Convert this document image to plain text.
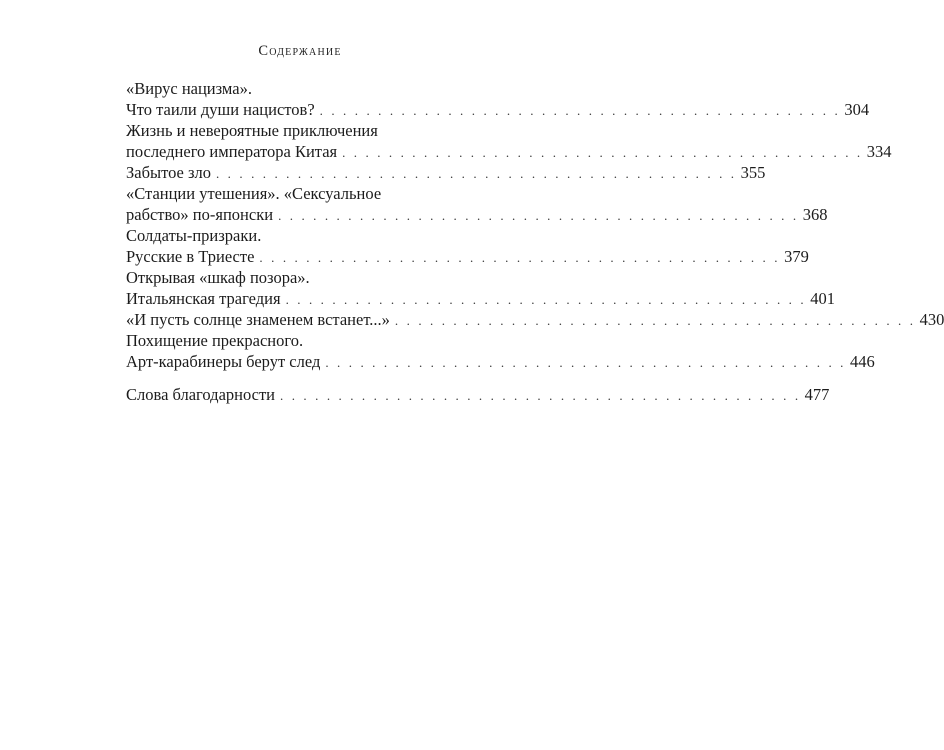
Содержание
«Вирус нацизма».
Что таили души нацистов? . . . . . . . . . . . . . . . . . . . . . . . . . . . . . . . . . . . . . . . . . . . . . 304
Жизнь и невероятные приключения
последнего императора Китая . . . . . . . . . . . . . . . . . . . . . . . . . . . . . . . . . . . . . . . . . . . . . 334
Забытое зло . . . . . . . . . . . . . . . . . . . . . . . . . . . . . . . . . . . . . . . . . . . . . 355
«Станции утешения». «Сексуальное
рабство» по-японски . . . . . . . . . . . . . . . . . . . . . . . . . . . . . . . . . . . . . . . . . . . . . 368
Солдаты-призраки.
Русские в Триесте . . . . . . . . . . . . . . . . . . . . . . . . . . . . . . . . . . . . . . . . . . . . . 379
Открывая «шкаф позора».
Итальянская трагедия . . . . . . . . . . . . . . . . . . . . . . . . . . . . . . . . . . . . . . . . . . . . . 401
«И пусть солнце знаменем встанет...» . . . . . . . . . . . . . . . . . . . . . . . . . . . . . . . . . . . . . . . . . . . . . 430
Похищение прекрасного.
Арт-карабинеры берут след . . . . . . . . . . . . . . . . . . . . . . . . . . . . . . . . . . . . . . . . . . . . . 446
Слова благодарности . . . . . . . . . . . . . . . . . . . . . . . . . . . . . . . . . . . . . . . . . . . . . 477
